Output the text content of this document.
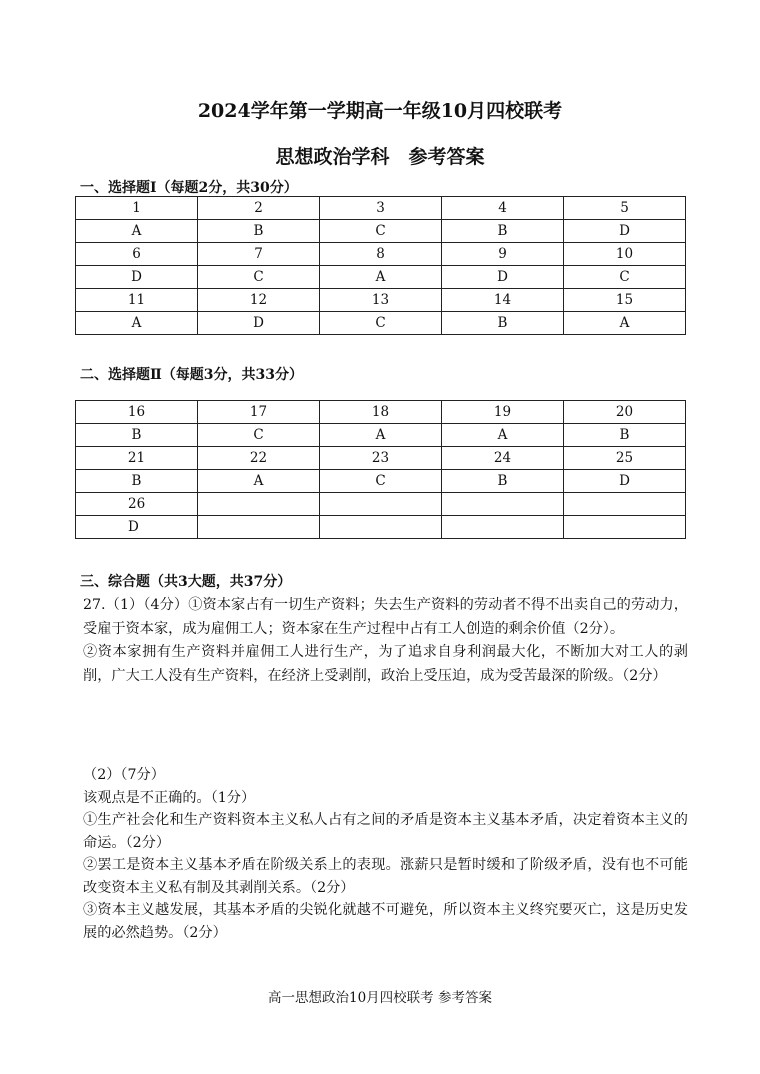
2024学年第一学期高一年级10月四校联考
思想政治学科　参考答案
一、选择题Ⅰ（每题2分，共30分）
1	2	3	4	5
A	B	C	B	D
6	7	8	9	10
D	C	A	D	C
11	12	13	14	15
A	D	C	B	A
二、选择题Ⅱ（每题3分，共33分）
16	17	18	19	20
B	C	A	A	B
21	22	23	24	25
B	A	C	B	D
26				
D				
三、综合题（共3大题，共37分）

27.（1）（4分）①资本家占有一切生产资料；失去生产资料的劳动者不得不出卖自己的劳动力，受雇于资本家，成为雇佣工人；资本家在生产过程中占有工人创造的剩余价值（2分）。

②资本家拥有生产资料并雇佣工人进行生产，为了追求自身利润最大化，不断加大对工人的剥削，广大工人没有生产资料，在经济上受剥削，政治上受压迫，成为受苦最深的阶级。（2分）

（2）（7分）

该观点是不正确的。（1分）

①生产社会化和生产资料资本主义私人占有之间的矛盾是资本主义基本矛盾，决定着资本主义的命运。（2分）

②罢工是资本主义基本矛盾在阶级关系上的表现。涨薪只是暂时缓和了阶级矛盾，没有也不可能改变资本主义私有制及其剥削关系。（2分）

③资本主义越发展，其基本矛盾的尖锐化就越不可避免，所以资本主义终究要灭亡，这是历史发展的必然趋势。（2分）

高一思想政治10月四校联考 参考答案
